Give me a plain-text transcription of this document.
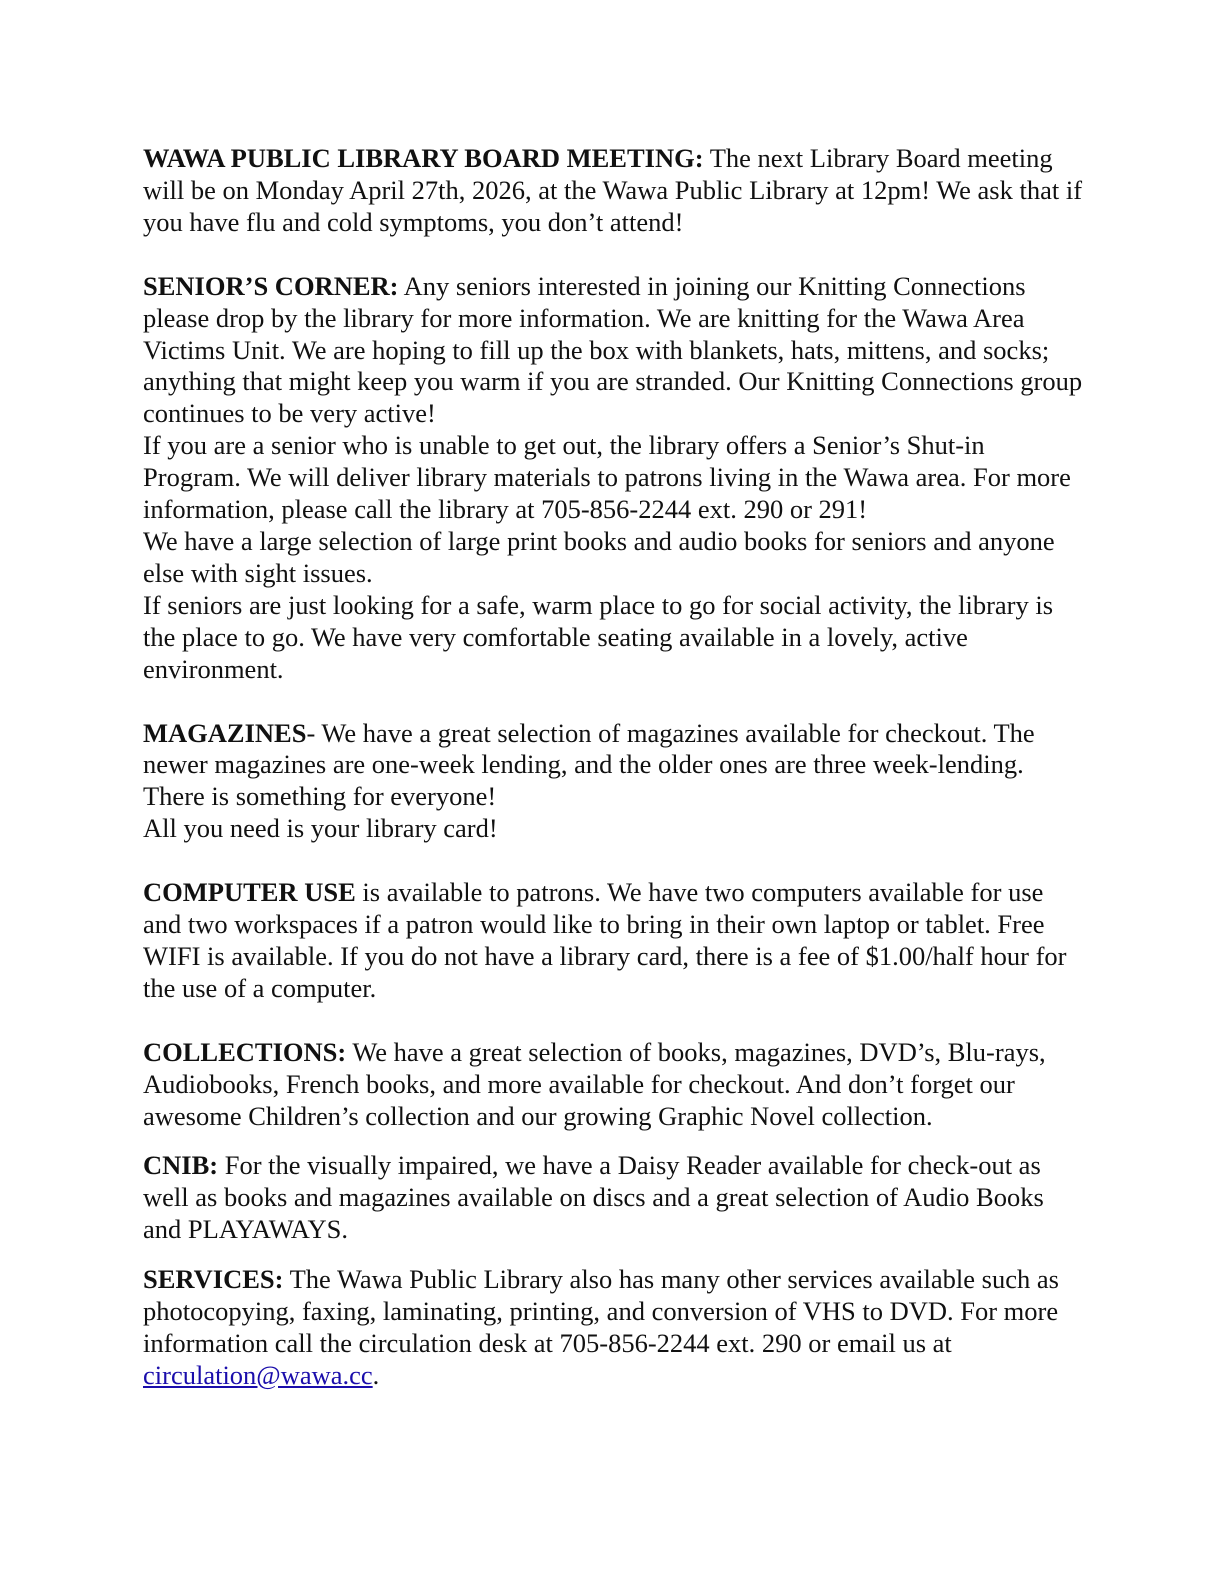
WAWA PUBLIC LIBRARY BOARD MEETING: The next Library Board meeting will be on Monday April 27th, 2026, at the Wawa Public Library at 12pm! We ask that if you have flu and cold symptoms, you don’t attend!

SENIOR’S CORNER: Any seniors interested in joining our Knitting Connections please drop by the library for more information. We are knitting for the Wawa Area Victims Unit. We are hoping to fill up the box with blankets, hats, mittens, and socks; anything that might keep you warm if you are stranded. Our Knitting Connections group continues to be very active!

If you are a senior who is unable to get out, the library offers a Senior’s Shut-in Program. We will deliver library materials to patrons living in the Wawa area. For more information, please call the library at 705-856-2244 ext. 290 or 291!

We have a large selection of large print books and audio books for seniors and anyone else with sight issues.

If seniors are just looking for a safe, warm place to go for social activity, the library is the place to go. We have very comfortable seating available in a lovely, active environment.

MAGAZINES- We have a great selection of magazines available for checkout. The newer magazines are one-week lending, and the older ones are three week-lending. There is something for everyone!

All you need is your library card!

COMPUTER USE is available to patrons. We have two computers available for use and two workspaces if a patron would like to bring in their own laptop or tablet. Free WIFI is available. If you do not have a library card, there is a fee of $1.00/half hour for the use of a computer.

COLLECTIONS: We have a great selection of books, magazines, DVD’s, Blu-rays, Audiobooks, French books, and more available for checkout. And don’t forget our awesome Children’s collection and our growing Graphic Novel collection.

CNIB: For the visually impaired, we have a Daisy Reader available for check-out as well as books and magazines available on discs and a great selection of Audio Books and PLAYAWAYS.

SERVICES: The Wawa Public Library also has many other services available such as photocopying, faxing, laminating, printing, and conversion of VHS to DVD. For more information call the circulation desk at 705-856-2244 ext. 290 or email us at circulation@wawa.cc.
